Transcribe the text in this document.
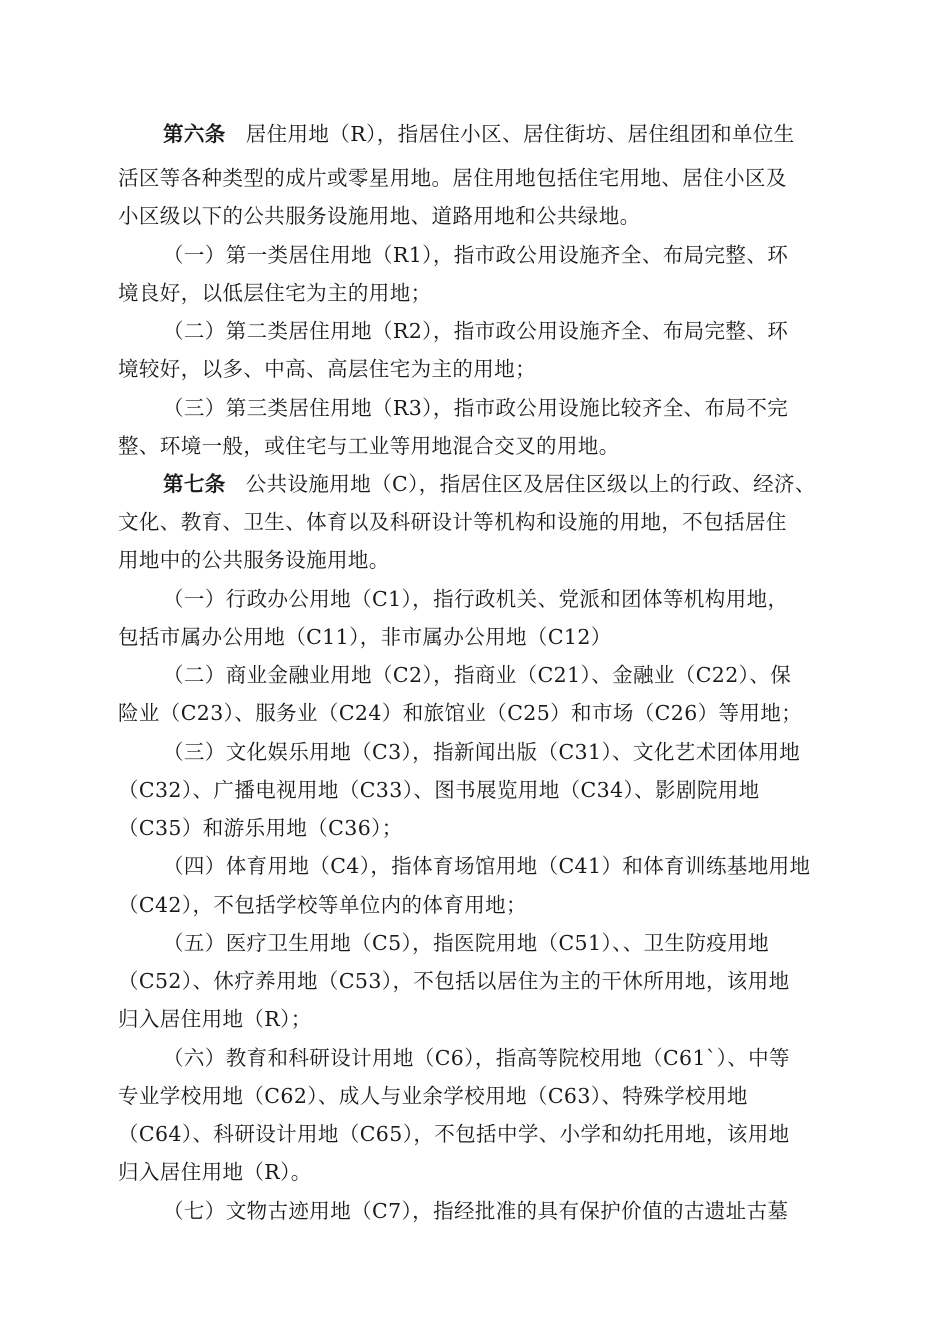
第六条 居住用地（R），指居住小区、居住街坊、居住组团和单位生
活区等各种类型的成片或零星用地。居住用地包括住宅用地、居住小区及
小区级以下的公共服务设施用地、道路用地和公共绿地。
（一）第一类居住用地（R1），指市政公用设施齐全、布局完整、环
境良好，以低层住宅为主的用地；
（二）第二类居住用地（R2），指市政公用设施齐全、布局完整、环
境较好，以多、中高、高层住宅为主的用地；
（三）第三类居住用地（R3），指市政公用设施比较齐全、布局不完
整、环境一般，或住宅与工业等用地混合交叉的用地。
第七条 公共设施用地（C），指居住区及居住区级以上的行政、经济、
文化、教育、卫生、体育以及科研设计等机构和设施的用地，不包括居住
用地中的公共服务设施用地。
（一）行政办公用地（C1），指行政机关、党派和团体等机构用地，
包括市属办公用地（C11），非市属办公用地（C12）
（二）商业金融业用地（C2），指商业（C21）、金融业（C22）、保
险业（C23）、服务业（C24）和旅馆业（C25）和市场（C26）等用地；
（三）文化娱乐用地（C3），指新闻出版（C31）、文化艺术团体用地
（C32）、广播电视用地（C33）、图书展览用地（C34）、影剧院用地
（C35）和游乐用地（C36）；
（四）体育用地（C4），指体育场馆用地（C41）和体育训练基地用地
（C42），不包括学校等单位内的体育用地；
（五）医疗卫生用地（C5），指医院用地（C51）、、卫生防疫用地
（C52）、休疗养用地（C53），不包括以居住为主的干休所用地，该用地
归入居住用地（R）；
（六）教育和科研设计用地（C6），指高等院校用地（C61`）、中等
专业学校用地（C62）、成人与业余学校用地（C63）、特殊学校用地
（C64）、科研设计用地（C65），不包括中学、小学和幼托用地，该用地
归入居住用地（R）。
（七）文物古迹用地（C7），指经批准的具有保护价值的古遗址古墓
